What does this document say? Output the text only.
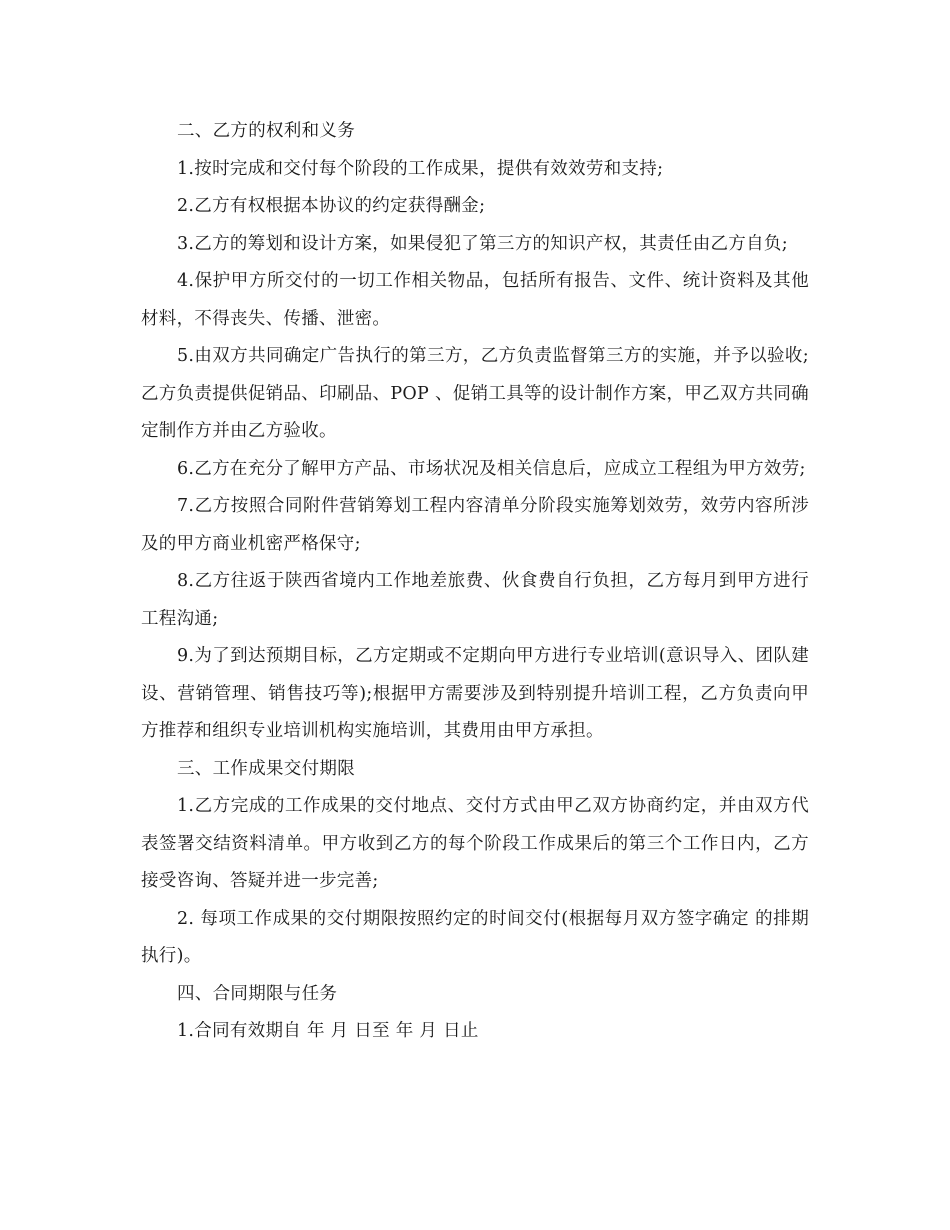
二、乙方的权利和义务

1.按时完成和交付每个阶段的工作成果，提供有效效劳和支持;

2.乙方有权根据本协议的约定获得酬金;

3.乙方的筹划和设计方案，如果侵犯了第三方的知识产权，其责任由乙方自负;

4.保护甲方所交付的一切工作相关物品，包括所有报告、文件、统计资料及其他材料，不得丧失、传播、泄密。

5.由双方共同确定广告执行的第三方，乙方负责监督第三方的实施，并予以验收;乙方负责提供促销品、印刷品、POP 、促销工具等的设计制作方案，甲乙双方共同确定制作方并由乙方验收。

6.乙方在充分了解甲方产品、市场状况及相关信息后，应成立工程组为甲方效劳;

7.乙方按照合同附件营销筹划工程内容清单分阶段实施筹划效劳，效劳内容所涉及的甲方商业机密严格保守;

8.乙方往返于陕西省境内工作地差旅费、伙食费自行负担，乙方每月到甲方进行工程沟通;

9.为了到达预期目标，乙方定期或不定期向甲方进行专业培训(意识导入、团队建设、营销管理、销售技巧等);根据甲方需要涉及到特别提升培训工程，乙方负责向甲方推荐和组织专业培训机构实施培训，其费用由甲方承担。

三、工作成果交付期限

1.乙方完成的工作成果的交付地点、交付方式由甲乙双方协商约定，并由双方代表签署交结资料清单。甲方收到乙方的每个阶段工作成果后的第三个工作日内，乙方接受咨询、答疑并进一步完善;

2. 每项工作成果的交付期限按照约定的时间交付(根据每月双方签字确定 的排期执行)。

四、合同期限与任务

1.合同有效期自 年 月 日至 年 月 日止
